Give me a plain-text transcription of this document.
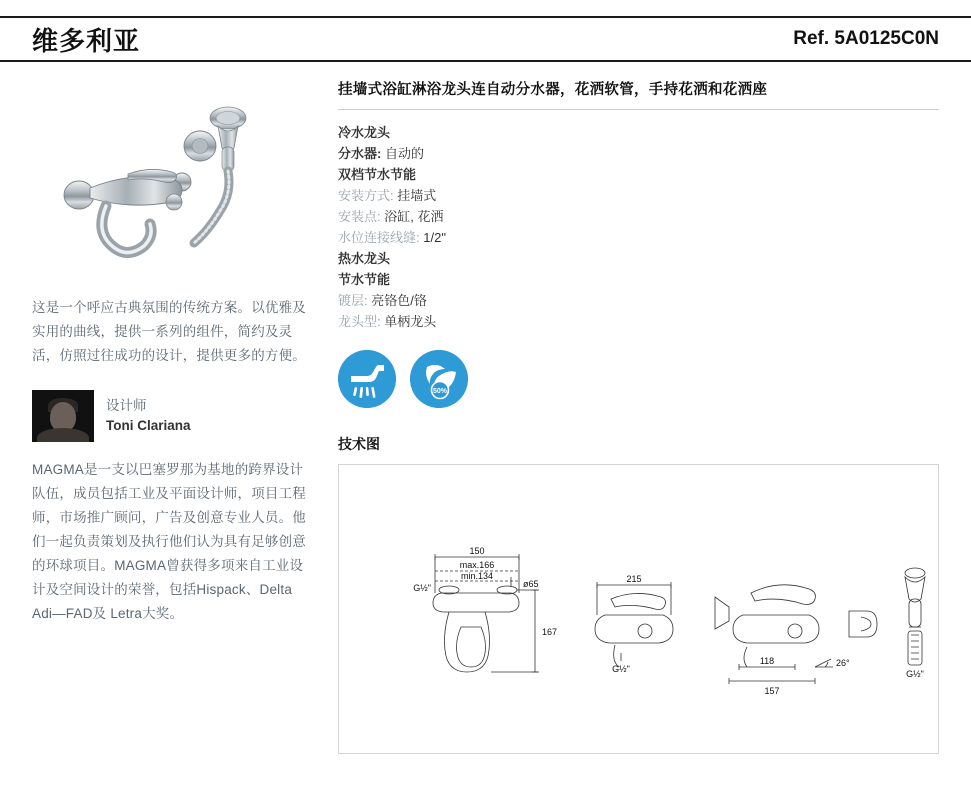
维多利亚	Ref. 5A0125C0N
这是一个呼应古典氛围的传统方案。以优雅及实用的曲线，提供一系列的组件，简约及灵活，仿照过往成功的设计，提供更多的方便。
设计师
Toni Clariana
MAGMA是一支以巴塞罗那为基地的跨界设计队伍，成员包括工业及平面设计师，项目工程师，市场推广顾问，广告及创意专业人员。他们一起负责策划及执行他们认为具有足够创意的环球项目。MAGMA曾获得多项来自工业设计及空间设计的荣誉，包括Hispack、Delta Adi—FAD及 Letra大奖。
挂墙式浴缸淋浴龙头连自动分水器，花洒软管，手持花洒和花洒座
冷水龙头
分水器: 自动的
双档节水节能
安装方式: 挂墙式
安装点: 浴缸, 花洒
水位连接线缝: 1/2"
热水龙头
节水节能
镀层: 亮铬色/铬
龙头型: 单柄龙头
50%
技术图
150
max.166
min.134
G½"	ø65
167
215
G½"
118
157
26°
G½"
